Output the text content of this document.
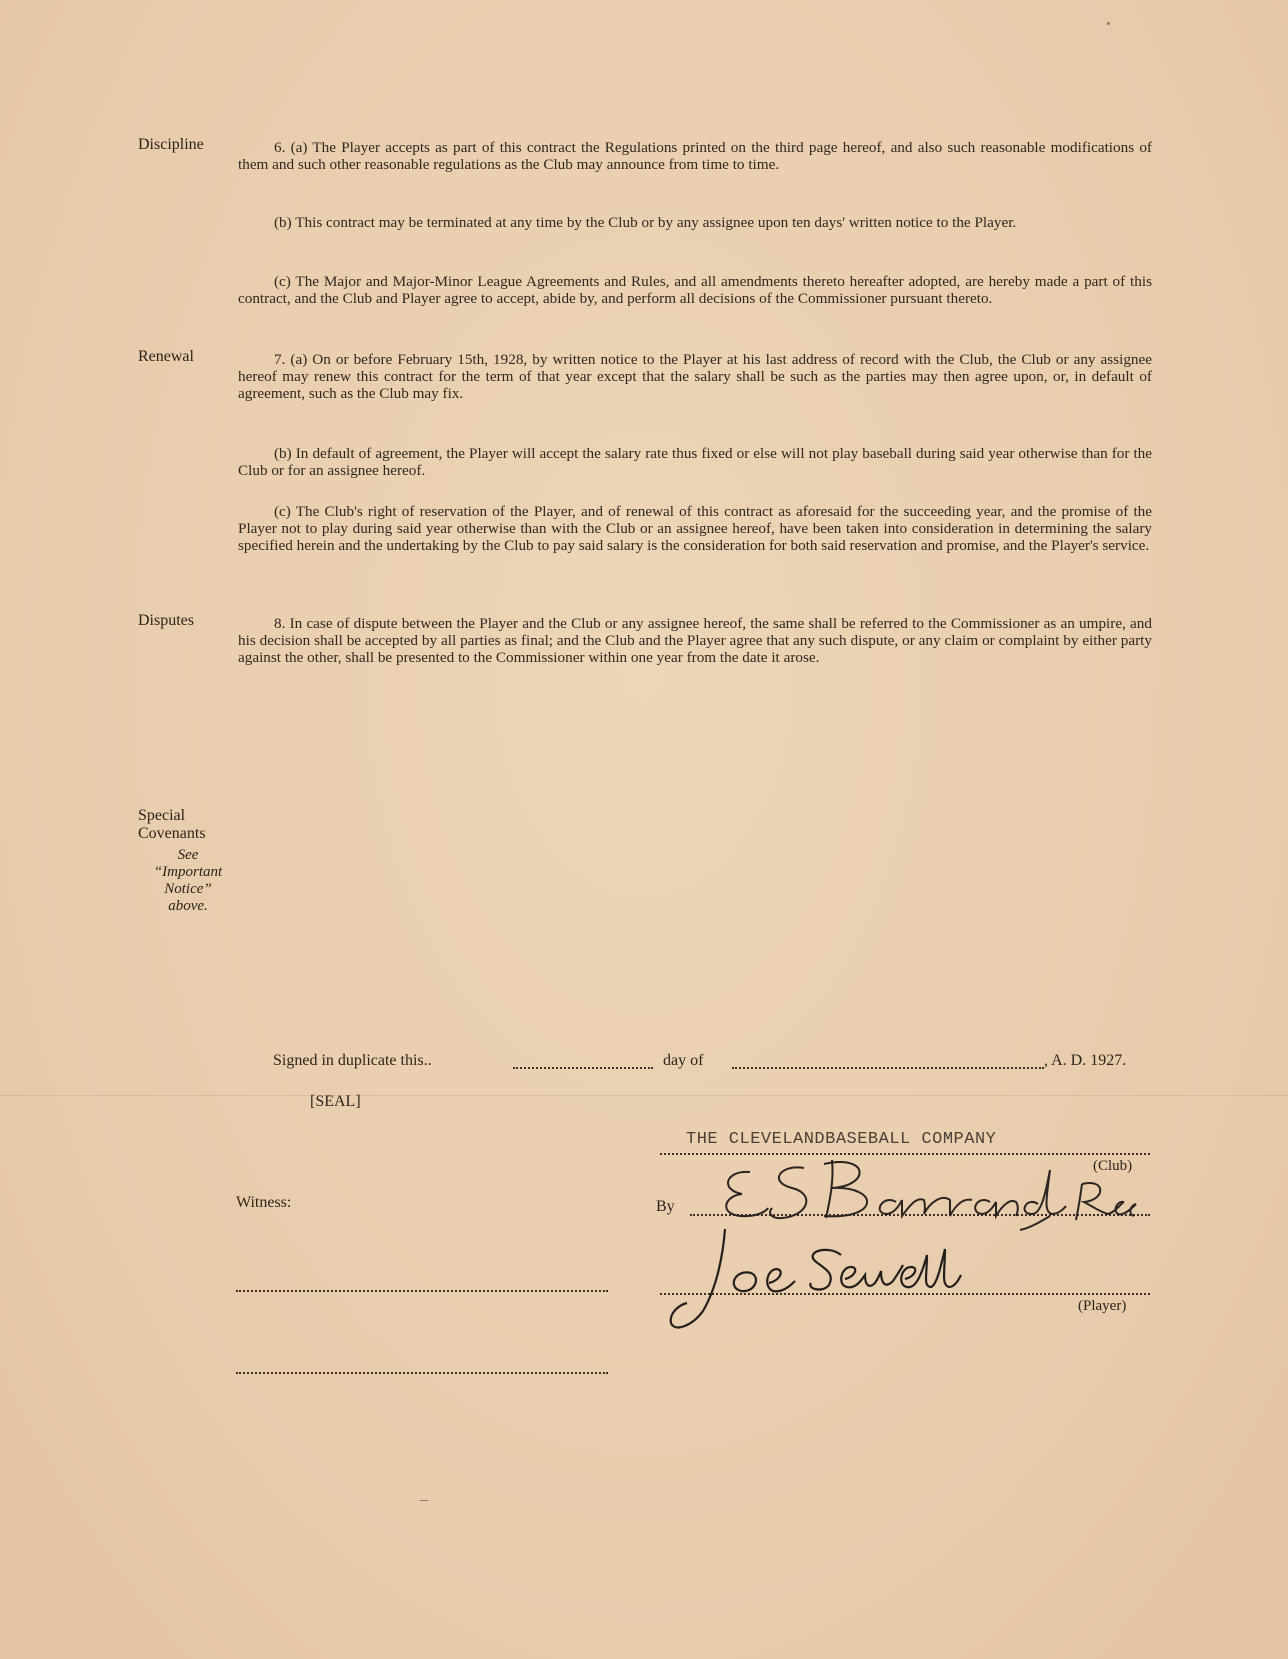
Discipline	6. (a) The Player accepts as part of this contract the Regulations printed on the third page hereof, and also such reasonable modifications of them and such other reasonable regulations as the Club may announce from time to time.
(b) This contract may be terminated at any time by the Club or by any assignee upon ten days' written notice to the Player.
(c) The Major and Major-Minor League Agreements and Rules, and all amendments thereto hereafter adopted, are hereby made a part of this contract, and the Club and Player agree to accept, abide by, and perform all decisions of the Commissioner pursuant thereto.
Renewal	7. (a) On or before February 15th, 1928, by written notice to the Player at his last address of record with the Club, the Club or any assignee hereof may renew this contract for the term of that year except that the salary shall be such as the parties may then agree upon, or, in default of agreement, such as the Club may fix.
(b) In default of agreement, the Player will accept the salary rate thus fixed or else will not play baseball during said year otherwise than for the Club or for an assignee hereof.
(c) The Club's right of reservation of the Player, and of renewal of this contract as aforesaid for the succeeding year, and the promise of the Player not to play during said year otherwise than with the Club or an assignee hereof, have been taken into consideration in determining the salary specified herein and the undertaking by the Club to pay said salary is the consideration for both said reservation and promise, and the Player's service.
Disputes	8. In case of dispute between the Player and the Club or any assignee hereof, the same shall be referred to the Commissioner as an umpire, and his decision shall be accepted by all parties as final; and the Club and the Player agree that any such dispute, or any claim or complaint by either party against the other, shall be presented to the Commissioner within one year from the date it arose.
Special
Covenants
See
“Important
Notice”
above.
Signed in duplicate this..	day of	, A. D. 1927.
[SEAL]
THE CLEVELANDBASEBALL COMPANY
(Club)
Witness:	By
(Player)
